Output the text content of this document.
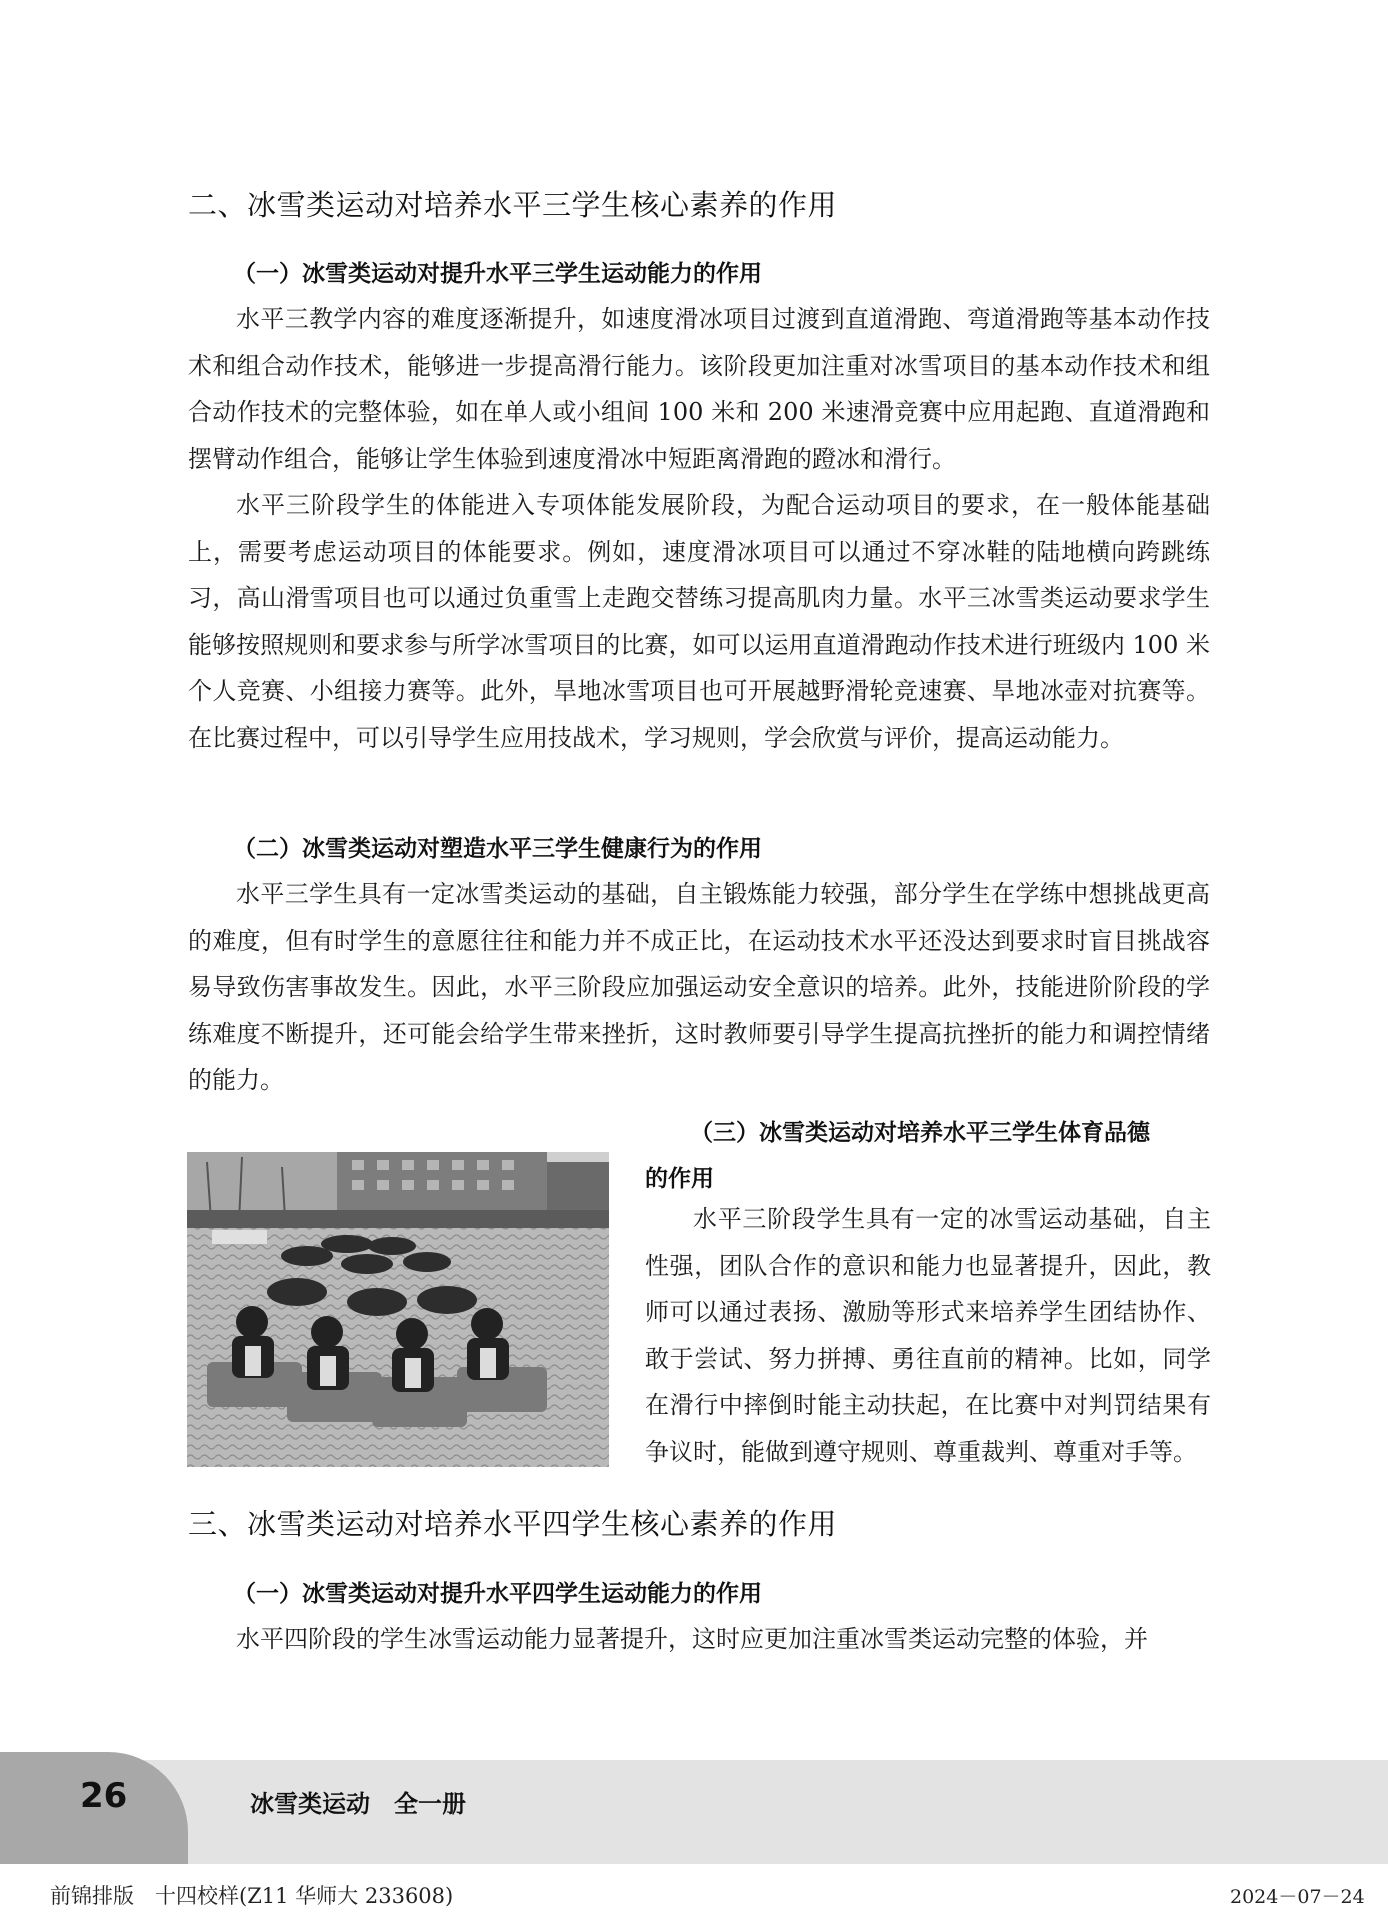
二、冰雪类运动对培养水平三学生核心素养的作用
（一）冰雪类运动对提升水平三学生运动能力的作用

水平三教学内容的难度逐渐提升，如速度滑冰项目过渡到直道滑跑、弯道滑跑等基本动作技术和组合动作技术，能够进一步提高滑行能力。该阶段更加注重对冰雪项目的基本动作技术和组合动作技术的完整体验，如在单人或小组间 100 米和 200 米速滑竞赛中应用起跑、直道滑跑和摆臂动作组合，能够让学生体验到速度滑冰中短距离滑跑的蹬冰和滑行。

水平三阶段学生的体能进入专项体能发展阶段，为配合运动项目的要求，在一般体能基础上，需要考虑运动项目的体能要求。例如，速度滑冰项目可以通过不穿冰鞋的陆地横向跨跳练习，高山滑雪项目也可以通过负重雪上走跑交替练习提高肌肉力量。水平三冰雪类运动要求学生能够按照规则和要求参与所学冰雪项目的比赛，如可以运用直道滑跑动作技术进行班级内 100 米个人竞赛、小组接力赛等。此外，旱地冰雪项目也可开展越野滑轮竞速赛、旱地冰壶对抗赛等。在比赛过程中，可以引导学生应用技战术，学习规则，学会欣赏与评价，提高运动能力。

（二）冰雪类运动对塑造水平三学生健康行为的作用

水平三学生具有一定冰雪类运动的基础，自主锻炼能力较强，部分学生在学练中想挑战更高的难度，但有时学生的意愿往往和能力并不成正比，在运动技术水平还没达到要求时盲目挑战容易导致伤害事故发生。因此，水平三阶段应加强运动安全意识的培养。此外，技能进阶阶段的学练难度不断提升，还可能会给学生带来挫折，这时教师要引导学生提高抗挫折的能力和调控情绪的能力。

（三）冰雪类运动对培养水平三学生体育品德
的作用

水平三阶段学生具有一定的冰雪运动基础，自主性强，团队合作的意识和能力也显著提升，因此，教师可以通过表扬、激励等形式来培养学生团结协作、敢于尝试、努力拼搏、勇往直前的精神。比如，同学在滑行中摔倒时能主动扶起，在比赛中对判罚结果有争议时，能做到遵守规则、尊重裁判、尊重对手等。

三、冰雪类运动对培养水平四学生核心素养的作用
（一）冰雪类运动对提升水平四学生运动能力的作用

水平四阶段的学生冰雪运动能力显著提升，这时应更加注重冰雪类运动完整的体验，并

26	冰雪类运动　全一册
前锦排版　十四校样(Z11 华师大 233608)	2024－07－24
